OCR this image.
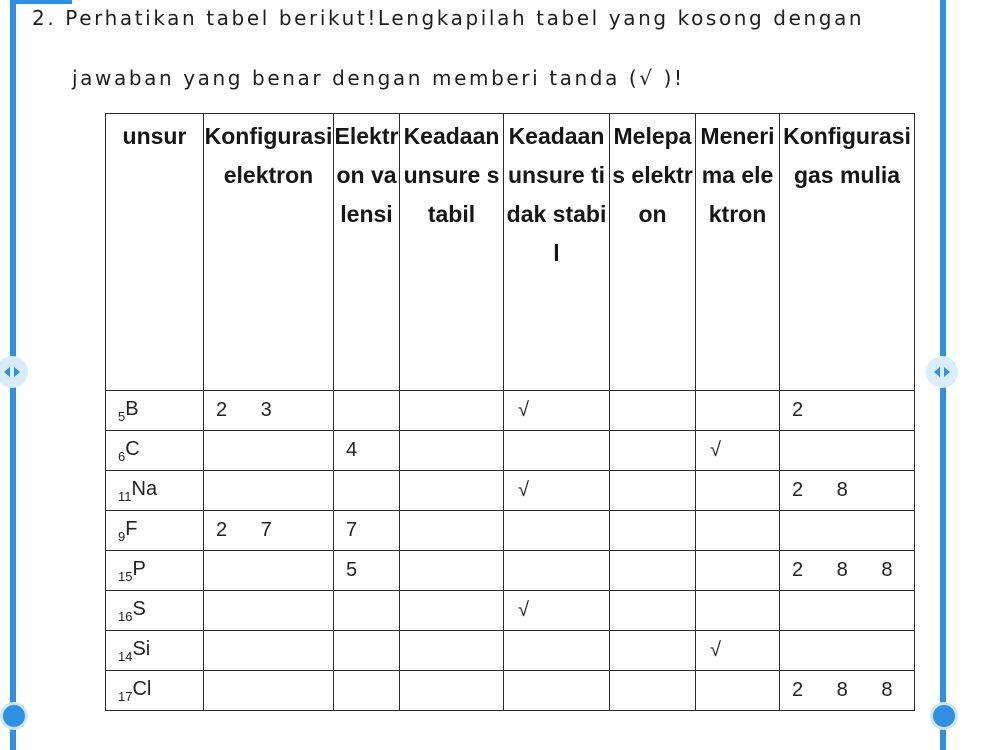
2. Perhatikan tabel berikut!Lengkapilah tabel yang kosong dengan
jawaban yang benar dengan memberi tanda (√ )!
unsur	Konfigurasi elektron	Elektron valensi	Keadaan unsure stabil	Keadaan unsure tidak stabil	Melepas elektron	Menerima elektron	Konfigurasi gas mulia
$_5$B	2 3			√			2
$_6$C		4				√	
$_{11}$Na				√			2 8
$_9$F	2 7	7					
$_{15}$P		5					2 8 8
$_{16}$S				√			
$_{14}$Si						√	
$_{17}$Cl							2 8 8
